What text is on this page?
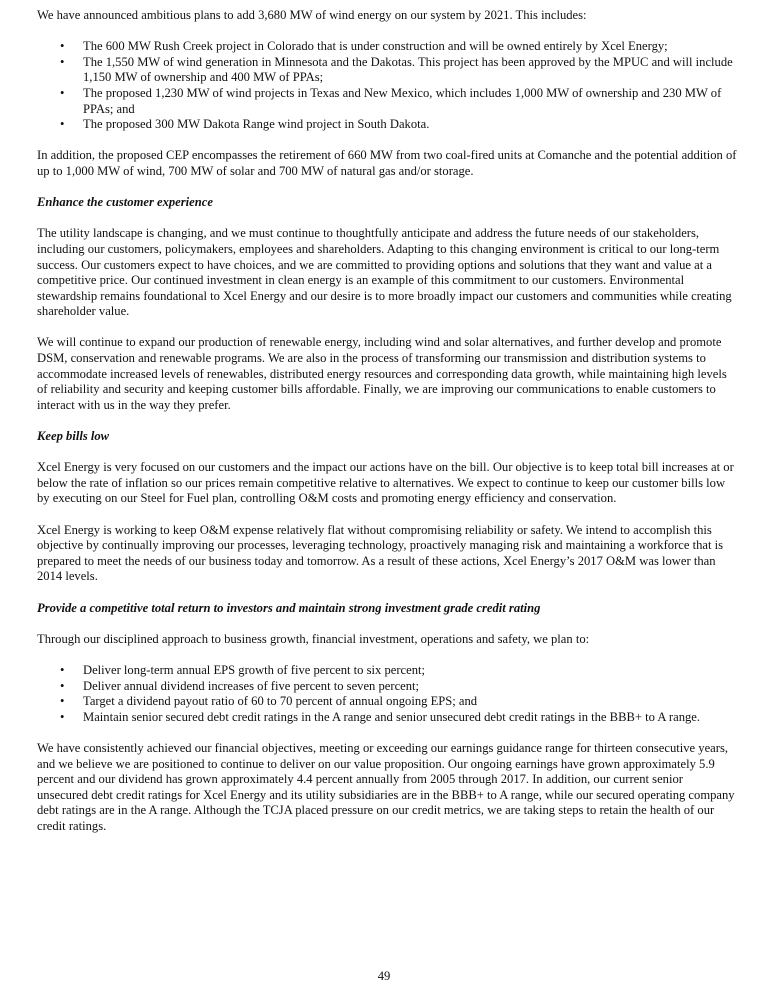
We have announced ambitious plans to add 3,680 MW of wind energy on our system by 2021. This includes:

• The 600 MW Rush Creek project in Colorado that is under construction and will be owned entirely by Xcel Energy;
• The 1,550 MW of wind generation in Minnesota and the Dakotas. This project has been approved by the MPUC and will include 1,150 MW of ownership and 400 MW of PPAs;
• The proposed 1,230 MW of wind projects in Texas and New Mexico, which includes 1,000 MW of ownership and 230 MW of PPAs; and
• The proposed 300 MW Dakota Range wind project in South Dakota.

In addition, the proposed CEP encompasses the retirement of 660 MW from two coal-fired units at Comanche and the potential addition of up to 1,000 MW of wind, 700 MW of solar and 700 MW of natural gas and/or storage.

Enhance the customer experience

The utility landscape is changing, and we must continue to thoughtfully anticipate and address the future needs of our stakeholders, including our customers, policymakers, employees and shareholders. Adapting to this changing environment is critical to our long-term success. Our customers expect to have choices, and we are committed to providing options and solutions that they want and value at a competitive price. Our continued investment in clean energy is an example of this commitment to our customers. Environmental stewardship remains foundational to Xcel Energy and our desire is to more broadly impact our customers and communities while creating shareholder value.

We will continue to expand our production of renewable energy, including wind and solar alternatives, and further develop and promote DSM, conservation and renewable programs. We are also in the process of transforming our transmission and distribution systems to accommodate increased levels of renewables, distributed energy resources and corresponding data growth, while maintaining high levels of reliability and security and keeping customer bills affordable. Finally, we are improving our communications to enable customers to interact with us in the way they prefer.

Keep bills low

Xcel Energy is very focused on our customers and the impact our actions have on the bill. Our objective is to keep total bill increases at or below the rate of inflation so our prices remain competitive relative to alternatives. We expect to continue to keep our customer bills low by executing on our Steel for Fuel plan, controlling O&M costs and promoting energy efficiency and conservation.

Xcel Energy is working to keep O&M expense relatively flat without compromising reliability or safety. We intend to accomplish this objective by continually improving our processes, leveraging technology, proactively managing risk and maintaining a workforce that is prepared to meet the needs of our business today and tomorrow. As a result of these actions, Xcel Energy’s 2017 O&M was lower than 2014 levels.

Provide a competitive total return to investors and maintain strong investment grade credit rating

Through our disciplined approach to business growth, financial investment, operations and safety, we plan to:

• Deliver long-term annual EPS growth of five percent to six percent;
• Deliver annual dividend increases of five percent to seven percent;
• Target a dividend payout ratio of 60 to 70 percent of annual ongoing EPS; and
• Maintain senior secured debt credit ratings in the A range and senior unsecured debt credit ratings in the BBB+ to A range.

We have consistently achieved our financial objectives, meeting or exceeding our earnings guidance range for thirteen consecutive years, and we believe we are positioned to continue to deliver on our value proposition. Our ongoing earnings have grown approximately 5.9 percent and our dividend has grown approximately 4.4 percent annually from 2005 through 2017. In addition, our current senior unsecured debt credit ratings for Xcel Energy and its utility subsidiaries are in the BBB+ to A range, while our secured operating company debt ratings are in the A range. Although the TCJA placed pressure on our credit metrics, we are taking steps to retain the health of our credit ratings.

49
